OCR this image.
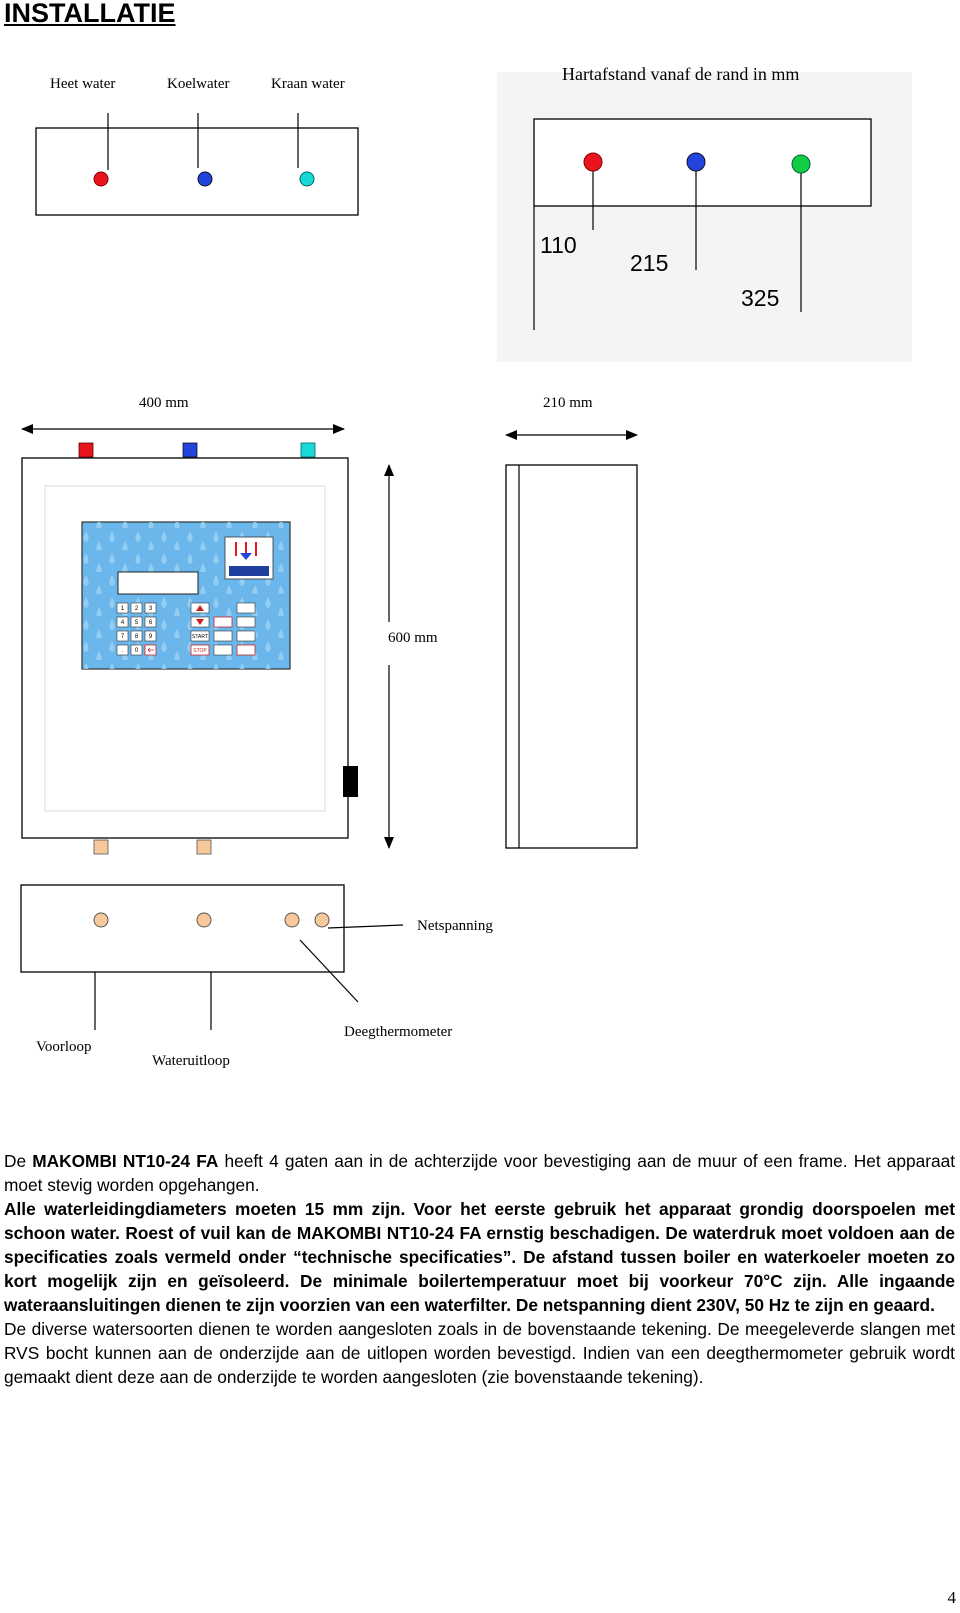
INSTALLATIE
1 2 3
4 5 6
7 8 9
. 0
START
STOP
Heet water	Koelwater	Kraan water	Hartafstand vanaf de rand in mm
110
215
325
400 mm	210 mm
600 mm
Netspanning
Voorloop
Wateruitloop
Deegthermometer

De MAKOMBI NT10-24 FA heeft 4 gaten aan in de achterzijde voor bevestiging aan de muur of een frame. Het apparaat moet stevig worden opgehangen.

Alle waterleidingdiameters moeten 15 mm zijn. Voor het eerste gebruik het apparaat grondig doorspoelen met schoon water. Roest of vuil kan de MAKOMBI NT10-24 FA ernstig beschadigen. De waterdruk moet voldoen aan de specificaties zoals vermeld onder “technische specificaties”. De afstand tussen boiler en waterkoeler moeten zo kort mogelijk zijn en geïsoleerd. De minimale boilertemperatuur moet bij voorkeur 70°C zijn. Alle ingaande wateraansluitingen dienen te zijn voorzien van een waterfilter. De netspanning dient 230V, 50 Hz te zijn en geaard.

De diverse watersoorten dienen te worden aangesloten zoals in de bovenstaande tekening. De meegeleverde slangen met RVS bocht kunnen aan de onderzijde aan de uitlopen worden bevestigd. Indien van een deegthermometer gebruik wordt gemaakt dient deze aan de onderzijde te worden aangesloten (zie bovenstaande tekening).

4
